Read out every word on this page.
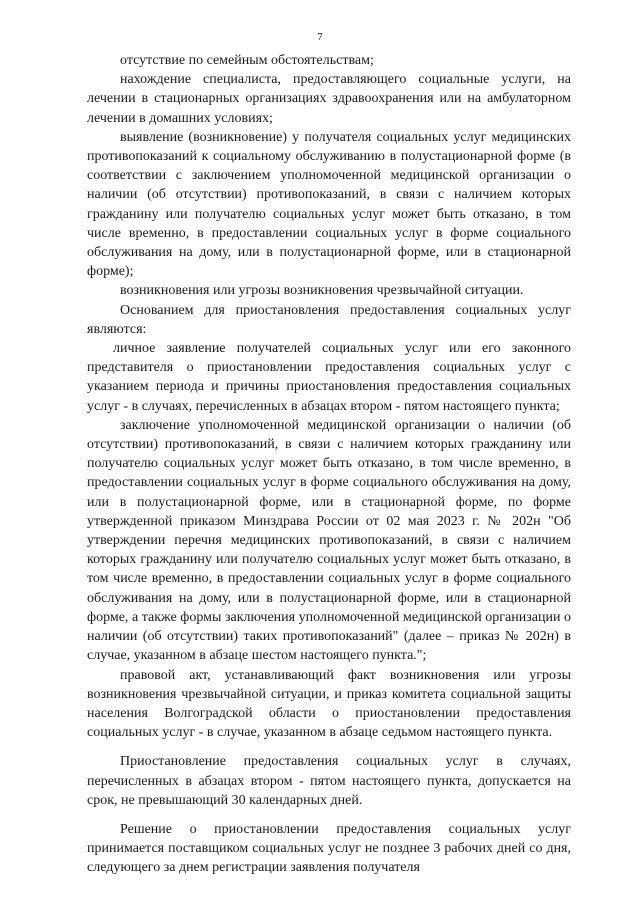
7

отсутствие по семейным обстоятельствам;

нахождение специалиста, предоставляющего социальные услуги, на лечении в стационарных организациях здравоохранения или на амбулаторном лечении в домашних условиях;

выявление (возникновение) у получателя социальных услуг медицинских противопоказаний к социальному обслуживанию в полустационарной форме (в соответствии с заключением уполномоченной медицинской организации о наличии (об отсутствии) противопоказаний, в связи с наличием которых гражданину или получателю социальных услуг может быть отказано, в том числе временно, в предоставлении социальных услуг в форме социального обслуживания на дому, или в полустационарной форме, или в стационарной форме);

возникновения или угрозы возникновения чрезвычайной ситуации.

Основанием для приостановления предоставления социальных услуг являются:

личное заявление получателей социальных услуг или его законного представителя о приостановлении предоставления социальных услуг с указанием периода и причины приостановления предоставления социальных услуг - в случаях, перечисленных в абзацах втором - пятом настоящего пункта;

заключение уполномоченной медицинской организации о наличии (об отсутствии) противопоказаний, в связи с наличием которых гражданину или получателю социальных услуг может быть отказано, в том числе временно, в предоставлении социальных услуг в форме социального обслуживания на дому, или в полустационарной форме, или в стационарной форме, по форме утвержденной приказом Минздрава России от 02 мая 2023 г. № 202н "Об утверждении перечня медицинских противопоказаний, в связи с наличием которых гражданину или получателю социальных услуг может быть отказано, в том числе временно, в предоставлении социальных услуг в форме социального обслуживания на дому, или в полустационарной форме, или в стационарной форме, а также формы заключения уполномоченной медицинской организации о наличии (об отсутствии) таких противопоказаний" (далее – приказ № 202н) в случае, указанном в абзаце шестом настоящего пункта.";

правовой акт, устанавливающий факт возникновения или угрозы возникновения чрезвычайной ситуации, и приказ комитета социальной защиты населения Волгоградской области о приостановлении предоставления социальных услуг - в случае, указанном в абзаце седьмом настоящего пункта.

Приостановление предоставления социальных услуг в случаях, перечисленных в абзацах втором - пятом настоящего пункта, допускается на срок, не превышающий 30 календарных дней.

Решение о приостановлении предоставления социальных услуг принимается поставщиком социальных услуг не позднее 3 рабочих дней со дня, следующего за днем регистрации заявления получателя
